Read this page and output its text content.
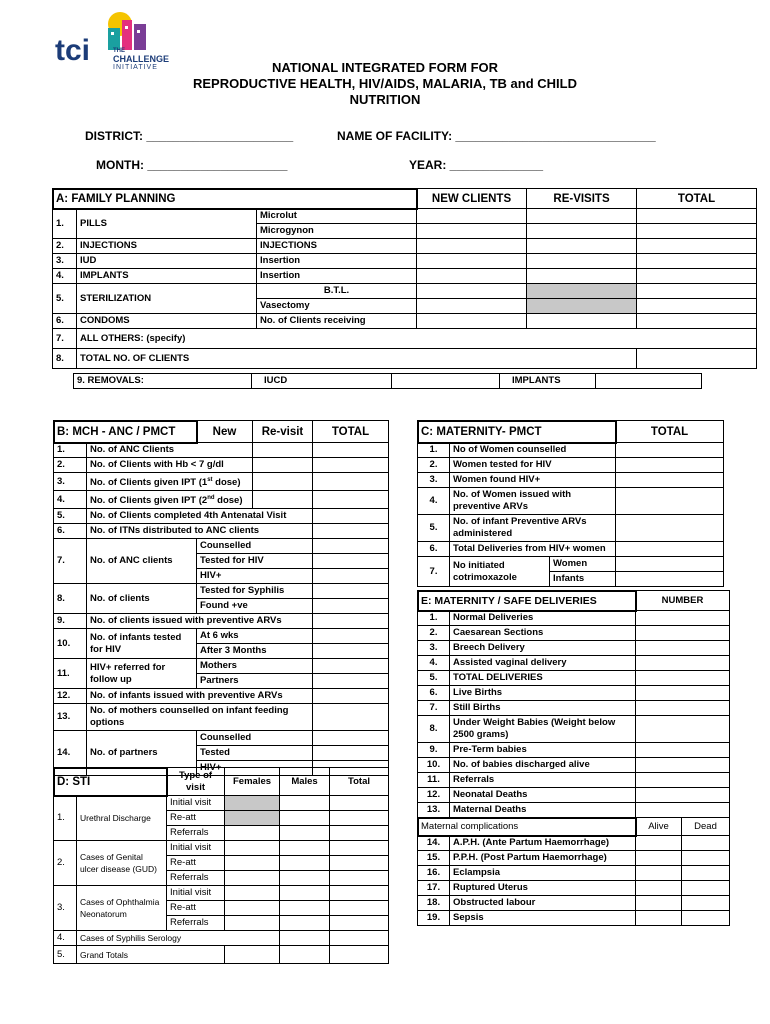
tci	THE
CHALLENGE
INITIATIVE	NATIONAL INTEGRATED FORM FOR
REPRODUCTIVE HEALTH, HIV/AIDS, MALARIA, TB and CHILD
NUTRITION
DISTRICT: ______________________	NAME OF FACILITY: ______________________________
MONTH: _____________________	YEAR: ______________
A: FAMILY PLANNING			NEW CLIENTS	RE-VISITS	TOTAL
1.	PILLS	Microlut			
		Microgynon			
2.	INJECTIONS	INJECTIONS			
3.	IUD	Insertion			
4.	IMPLANTS	Insertion			
5.	STERILIZATION	B.T.L.			
		Vasectomy			
6.	CONDOMS	No. of Clients receiving			
7.	ALL OTHERS: (specify)				
8.	TOTAL NO. OF CLIENTS				
9. REMOVALS:	IUCD		IMPLANTS	
B: MCH - ANC / PMCT		New	Re-visit	TOTAL
1.	No. of ANC Clients			
2.	No. of Clients with Hb < 7 g/dl			
3.	No. of Clients given IPT (1st dose)			
4.	No. of Clients given IPT (2nd dose)			
5.	No. of Clients completed 4th Antenatal Visit			
6.	No. of ITNs distributed to ANC clients			
7.	No. of ANC clients	Counselled		
		Tested for HIV		
		HIV+		
8.	No. of clients	Tested for Syphilis		
		Found +ve		
9.	No. of clients issued with preventive ARVs			
10.	No. of infants tested for HIV	At 6 wks		
		After 3 Months		
11.	HIV+ referred for follow up	Mothers		
		Partners		
12.	No. of infants issued with preventive ARVs			
13.	No. of mothers counselled on infant feeding options			
14.	No. of partners	Counselled		
		Tested		
		HIV+		
C: MATERNITY- PMCT			TOTAL
1.	No of Women counselled		
2.	Women tested for HIV		
3.	Women found HIV+		
4.	No. of Women issued with preventive ARVs		
5.	No. of infant Preventive ARVs administered		
6.	Total Deliveries from HIV+ women		
7.	No initiated cotrimoxazole	Women	
		Infants	
E: MATERNITY / SAFE DELIVERIES		NUMBER	
1.	Normal Deliveries		
2.	Caesarean Sections		
3.	Breech Delivery		
4.	Assisted vaginal delivery		
5.	TOTAL DELIVERIES		
6.	Live Births		
7.	Still Births		
8.	Under Weight Babies (Weight below 2500 grams)		
9.	Pre-Term babies		
10.	No. of babies discharged alive		
11.	Referrals		
12.	Neonatal Deaths		
13.	Maternal Deaths		
Maternal complications		Alive	Dead
14.	A.P.H. (Ante Partum Haemorrhage)		
15.	P.P.H. (Post Partum Haemorrhage)		
16.	Eclampsia		
17.	Ruptured Uterus		
18.	Obstructed labour		
19.	Sepsis		
D: STI		Type of visit	Females	Males	Total
1.	Urethral Discharge	Initial visit			
		Re-att			
		Referrals			
2.	Cases of Genital ulcer disease (GUD)	Initial visit			
		Re-att			
		Referrals			
3.	Cases of Ophthalmia Neonatorum	Initial visit			
		Re-att			
		Referrals			
4.	Cases of Syphilis Serology				
5.	Grand Totals				
